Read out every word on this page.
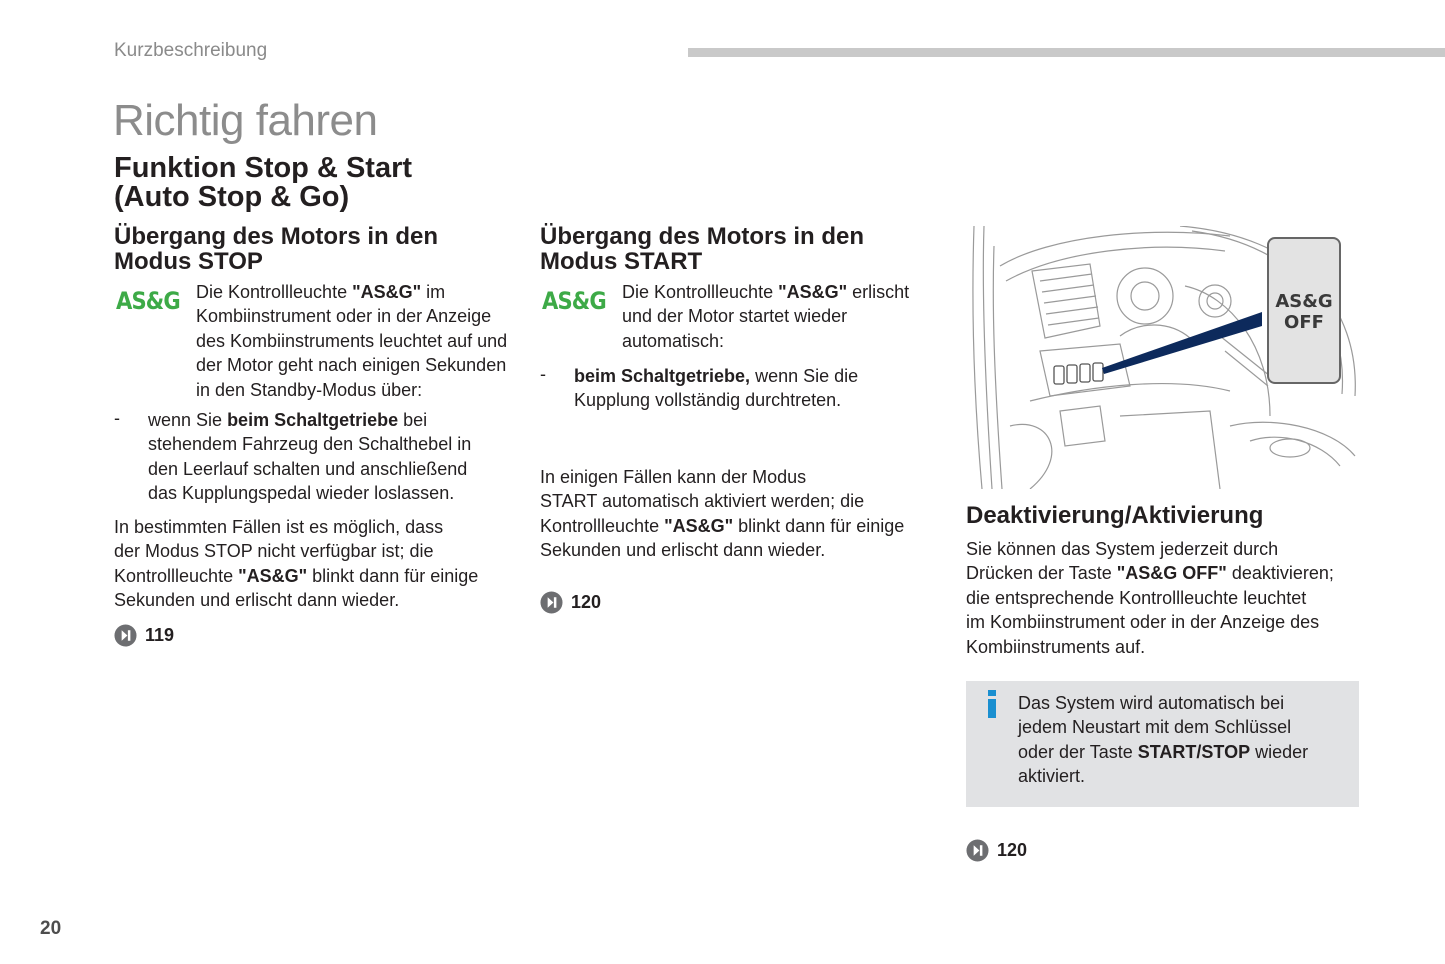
Kurzbeschreibung
Richtig fahren
Funktion Stop & Start
(Auto Stop & Go)
Übergang des Motors in den
Modus STOP
AS&G Die Kontrollleuchte "AS&G" im
Kombiinstrument oder in der Anzeige
des Kombiinstruments leuchtet auf und
der Motor geht nach einigen Sekunden
in den Standby-Modus über:
- wenn Sie beim Schaltgetriebe bei
stehendem Fahrzeug den Schalthebel in
den Leerlauf schalten und anschließend
das Kupplungspedal wieder loslassen.
In bestimmten Fällen ist es möglich, dass
der Modus STOP nicht verfügbar ist; die
Kontrollleuchte "AS&G" blinkt dann für einige
Sekunden und erlischt dann wieder.
119
Übergang des Motors in den
Modus START
AS&G Die Kontrollleuchte "AS&G" erlischt
und der Motor startet wieder
automatisch:
- beim Schaltgetriebe, wenn Sie die
Kupplung vollständig durchtreten.
In einigen Fällen kann der Modus
START automatisch aktiviert werden; die
Kontrollleuchte "AS&G" blinkt dann für einige
Sekunden und erlischt dann wieder.
120
AS&G
OFF
Deaktivierung/Aktivierung
Sie können das System jederzeit durch
Drücken der Taste "AS&G OFF" deaktivieren;
die entsprechende Kontrollleuchte leuchtet
im Kombiinstrument oder in der Anzeige des
Kombiinstruments auf.
Das System wird automatisch bei
jedem Neustart mit dem Schlüssel
oder der Taste START/STOP wieder
aktiviert.
120
20
